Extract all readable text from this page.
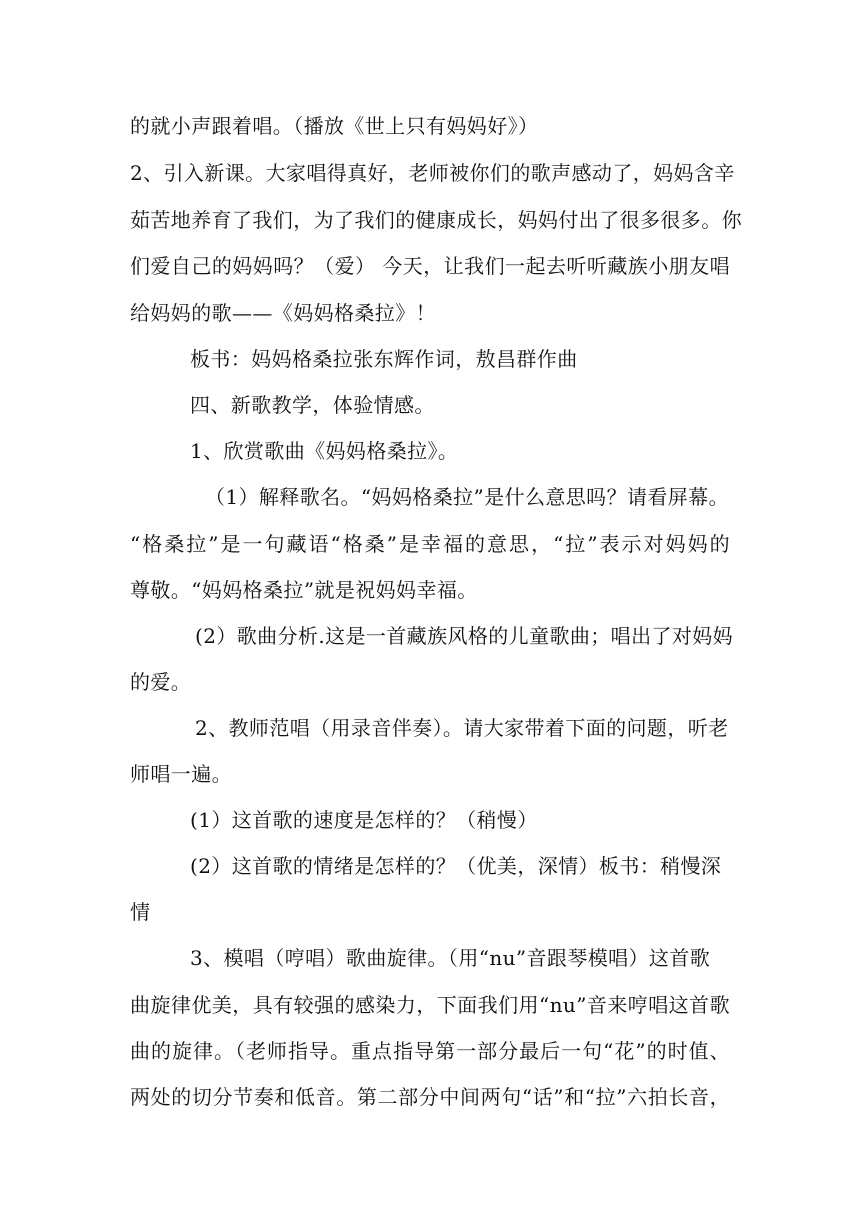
的就小声跟着唱。（播放《世上只有妈妈好》）
2、引入新课。大家唱得真好，老师被你们的歌声感动了，妈妈含辛
茹苦地养育了我们，为了我们的健康成长，妈妈付出了很多很多。你
们爱自己的妈妈吗？（爱） 今天，让我们一起去听听藏族小朋友唱
给妈妈的歌——《妈妈格桑拉》！
板书：妈妈格桑拉张东辉作词，敖昌群作曲
四、新歌教学，体验情感。
1、欣赏歌曲《妈妈格桑拉》。
（1）解释歌名。“妈妈格桑拉”是什么意思吗？请看屏幕。
“格桑拉”是一句藏语“格桑”是幸福的意思，“拉”表示对妈妈的
尊敬。“妈妈格桑拉”就是祝妈妈幸福。
(2）歌曲分析.这是一首藏族风格的儿童歌曲；唱出了对妈妈
的爱。
2、教师范唱（用录音伴奏）。请大家带着下面的问题，听老
师唱一遍。
(1）这首歌的速度是怎样的？（稍慢）
(2）这首歌的情绪是怎样的？（优美，深情）板书：稍慢深
情
3、模唱（哼唱）歌曲旋律。（用“nu”音跟琴模唱）这首歌
曲旋律优美，具有较强的感染力，下面我们用“nu”音来哼唱这首歌
曲的旋律。（老师指导。重点指导第一部分最后一句“花”的时值、
两处的切分节奏和低音。第二部分中间两句“话”和“拉”六拍长音，
